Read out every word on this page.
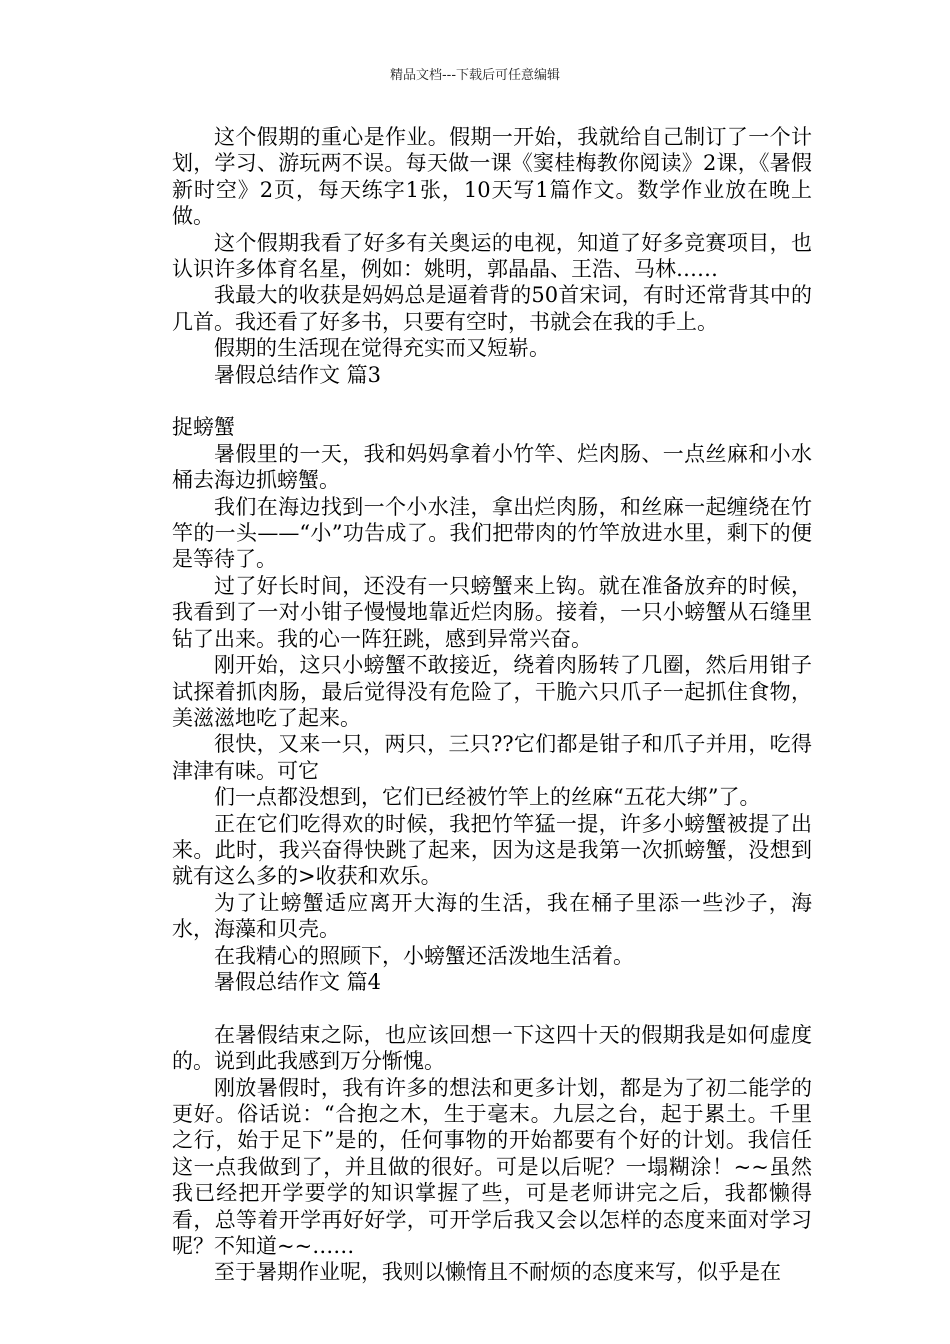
精品文档---下载后可任意编辑

这个假期的重心是作业。假期一开始，我就给自己制订了一个计划，学习、游玩两不误。每天做一课《窦桂梅教你阅读》2课，《暑假新时空》2页，每天练字1张，10天写1篇作文。数学作业放在晚上做。

这个假期我看了好多有关奥运的电视，知道了好多竞赛项目，也认识许多体育名星，例如：姚明，郭晶晶、王浩、马林……

我最大的收获是妈妈总是逼着背的50首宋词，有时还常背其中的几首。我还看了好多书，只要有空时，书就会在我的手上。

假期的生活现在觉得充实而又短崭。

暑假总结作文 篇3

捉螃蟹

暑假里的一天，我和妈妈拿着小竹竿、烂肉肠、一点丝麻和小水桶去海边抓螃蟹。

我们在海边找到一个小水洼，拿出烂肉肠，和丝麻一起缠绕在竹竿的一头——“小”功告成了。我们把带肉的竹竿放进水里，剩下的便是等待了。

过了好长时间，还没有一只螃蟹来上钩。就在准备放弃的时候，我看到了一对小钳子慢慢地靠近烂肉肠。接着，一只小螃蟹从石缝里钻了出来。我的心一阵狂跳，感到异常兴奋。

刚开始，这只小螃蟹不敢接近，绕着肉肠转了几圈，然后用钳子试探着抓肉肠，最后觉得没有危险了，干脆六只爪子一起抓住食物，美滋滋地吃了起来。

很快，又来一只，两只，三只??它们都是钳子和爪子并用，吃得津津有味。可它

们一点都没想到，它们已经被竹竿上的丝麻“五花大绑”了。

正在它们吃得欢的时候，我把竹竿猛一提，许多小螃蟹被提了出来。此时，我兴奋得快跳了起来，因为这是我第一次抓螃蟹，没想到就有这么多的>收获和欢乐。

为了让螃蟹适应离开大海的生活，我在桶子里添一些沙子，海水，海藻和贝壳。

在我精心的照顾下，小螃蟹还活泼地生活着。

暑假总结作文 篇4

在暑假结束之际，也应该回想一下这四十天的假期我是如何虚度的。说到此我感到万分惭愧。

刚放暑假时，我有许多的想法和更多计划，都是为了初二能学的更好。俗话说：“合抱之木，生于毫末。九层之台，起于累土。千里之行，始于足下”是的，任何事物的开始都要有个好的计划。我信任这一点我做到了，并且做的很好。可是以后呢？一塌糊涂！~~虽然我已经把开学要学的知识掌握了些，可是老师讲完之后，我都懒得看，总等着开学再好好学，可开学后我又会以怎样的态度来面对学习呢？不知道~~……

至于暑期作业呢，我则以懒惰且不耐烦的态度来写，似乎是在
